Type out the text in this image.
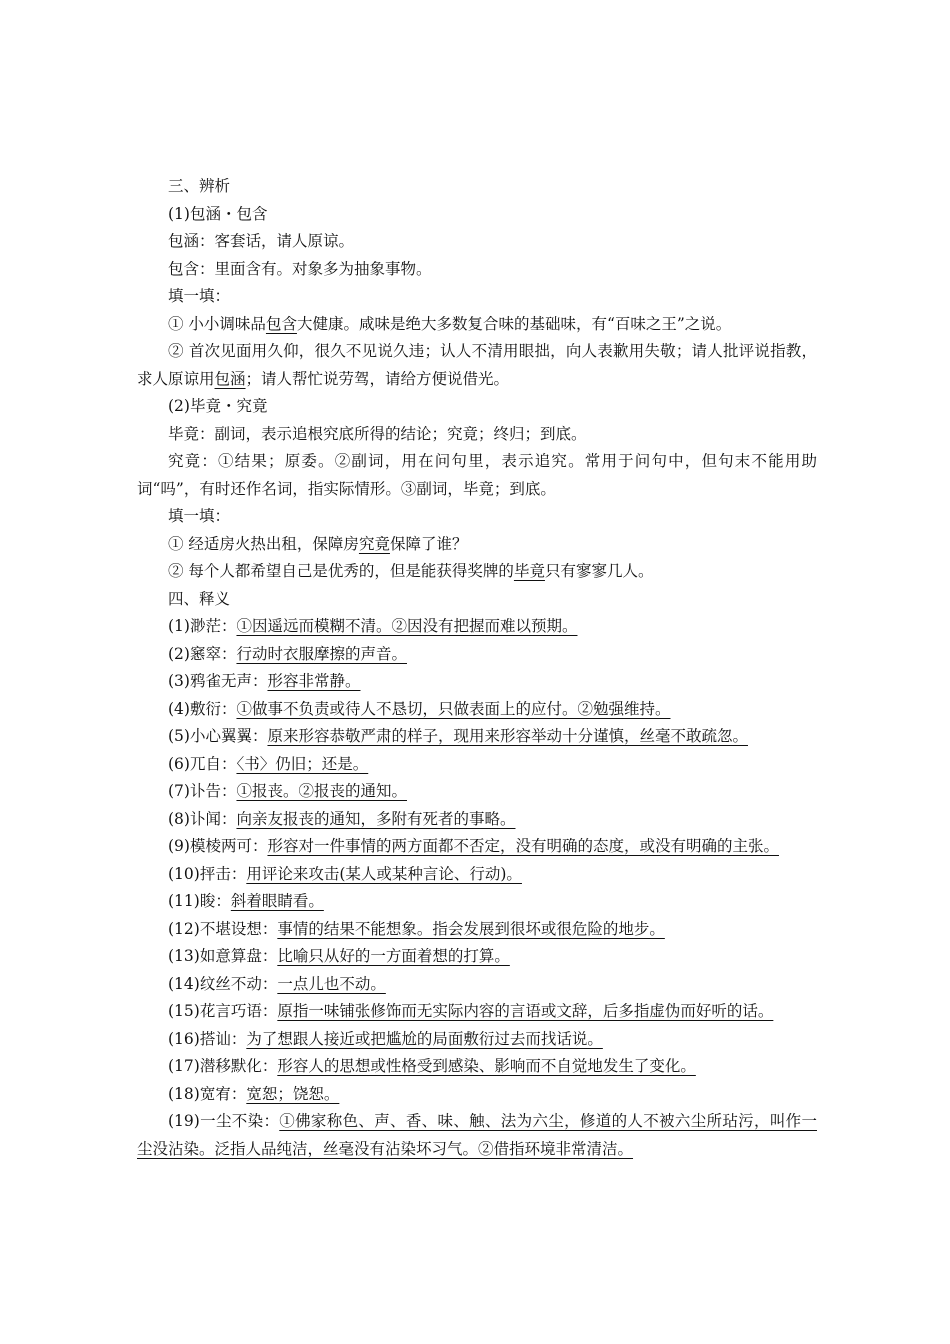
三、辨析
(1)包涵・包含
包涵：客套话，请人原谅。
包含：里面含有。对象多为抽象事物。
填一填：
① 小小调味品包含大健康。咸味是绝大多数复合味的基础味，有“百味之王”之说。
② 首次见面用久仰，很久不见说久违；认人不清用眼拙，向人表歉用失敬；请人批评说指教，求人原谅用包涵；请人帮忙说劳驾，请给方便说借光。
(2)毕竟・究竟
毕竟：副词，表示追根究底所得的结论；究竟；终归；到底。
究竟：①结果；原委。②副词，用在问句里，表示追究。常用于问句中，但句末不能用助词“吗”，有时还作名词，指实际情形。③副词，毕竟；到底。
填一填：
① 经适房火热出租，保障房究竟保障了谁？
② 每个人都希望自己是优秀的，但是能获得奖牌的毕竟只有寥寥几人。
四、释义
(1)渺茫：①因遥远而模糊不清。②因没有把握而难以预期。
(2)窸窣：行动时衣服摩擦的声音。
(3)鸦雀无声：形容非常静。
(4)敷衍：①做事不负责或待人不恳切，只做表面上的应付。②勉强维持。
(5)小心翼翼：原来形容恭敬严肃的样子，现用来形容举动十分谨慎，丝毫不敢疏忽。
(6)兀自：〈书〉仍旧；还是。
(7)讣告：①报丧。②报丧的通知。
(8)讣闻：向亲友报丧的通知，多附有死者的事略。
(9)模棱两可：形容对一件事情的两方面都不否定，没有明确的态度，或没有明确的主张。
(10)抨击：用评论来攻击(某人或某种言论、行动)。
(11)睃：斜着眼睛看。
(12)不堪设想：事情的结果不能想象。指会发展到很坏或很危险的地步。
(13)如意算盘：比喻只从好的一方面着想的打算。
(14)纹丝不动：一点儿也不动。
(15)花言巧语：原指一味铺张修饰而无实际内容的言语或文辞，后多指虚伪而好听的话。
(16)搭讪：为了想跟人接近或把尴尬的局面敷衍过去而找话说。
(17)潜移默化：形容人的思想或性格受到感染、影响而不自觉地发生了变化。
(18)宽宥：宽恕；饶恕。
(19)一尘不染：①佛家称色、声、香、味、触、法为六尘，修道的人不被六尘所玷污，叫作一尘没沾染。泛指人品纯洁，丝毫没有沾染坏习气。②借指环境非常清洁。
